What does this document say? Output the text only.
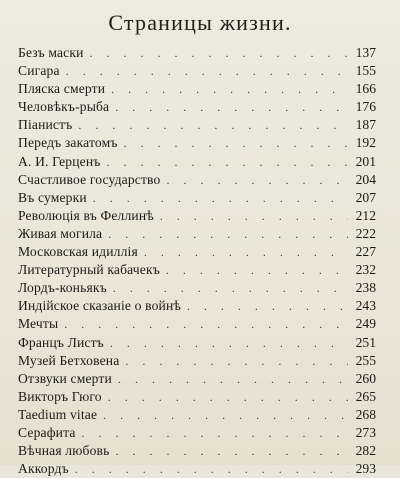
Страницы жизни.
Безъ маски . . .	137
Сигара . . .	155
Пляска смерти . . .	166
Человѣкъ-рыба . . .	176
Піанистъ . . .	187
Передъ закатомъ . . .	192
А. И. Герценъ . . .	201
Счастливое государство . . .	204
Въ сумерки . . .	207
Революція въ Феллинѣ . . .	212
Живая могила . . .	222
Московская идиллія . . .	227
Литературный кабачекъ . . .	232
Лордъ-коньякъ . . .	238
Индійское сказаніе о войнѣ . . .	243
Мечты . . .	249
Францъ Листъ . . .	251
Музей Бетховена . . .	255
Отзвуки смерти . . .	260
Викторъ Гюго . . .	265
Taedium vitae . . .	268
Серафита . . .	273
Вѣчная любовь . . .	282
Аккордъ . . .	293
